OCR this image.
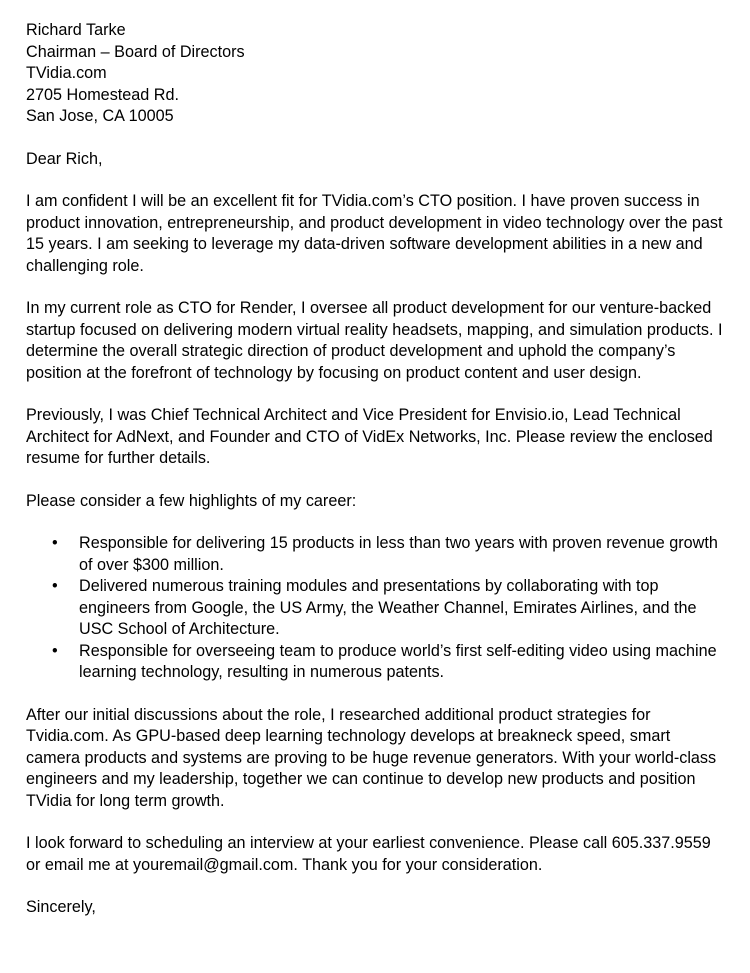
Richard Tarke
Chairman – Board of Directors
TVidia.com
2705 Homestead Rd.
San Jose, CA 10005
Dear Rich,

I am confident I will be an excellent fit for TVidia.com’s CTO position. I have proven success in product innovation, entrepreneurship, and product development in video technology over the past 15 years. I am seeking to leverage my data-driven software development abilities in a new and challenging role.

In my current role as CTO for Render, I oversee all product development for our venture-backed startup focused on delivering modern virtual reality headsets, mapping, and simulation products. I determine the overall strategic direction of product development and uphold the company’s position at the forefront of technology by focusing on product content and user design.

Previously, I was Chief Technical Architect and Vice President for Envisio.io, Lead Technical Architect for AdNext, and Founder and CTO of VidEx Networks, Inc. Please review the enclosed resume for further details.

Please consider a few highlights of my career:

• Responsible for delivering 15 products in less than two years with proven revenue growth of over $300 million.
• Delivered numerous training modules and presentations by collaborating with top engineers from Google, the US Army, the Weather Channel, Emirates Airlines, and the USC School of Architecture.
• Responsible for overseeing team to produce world’s first self-editing video using machine learning technology, resulting in numerous patents.

After our initial discussions about the role, I researched additional product strategies for Tvidia.com. As GPU-based deep learning technology develops at breakneck speed, smart camera products and systems are proving to be huge revenue generators. With your world-class engineers and my leadership, together we can continue to develop new products and position TVidia for long term growth.

I look forward to scheduling an interview at your earliest convenience. Please call 605.337.9559 or email me at youremail@gmail.com. Thank you for your consideration.

Sincerely,
